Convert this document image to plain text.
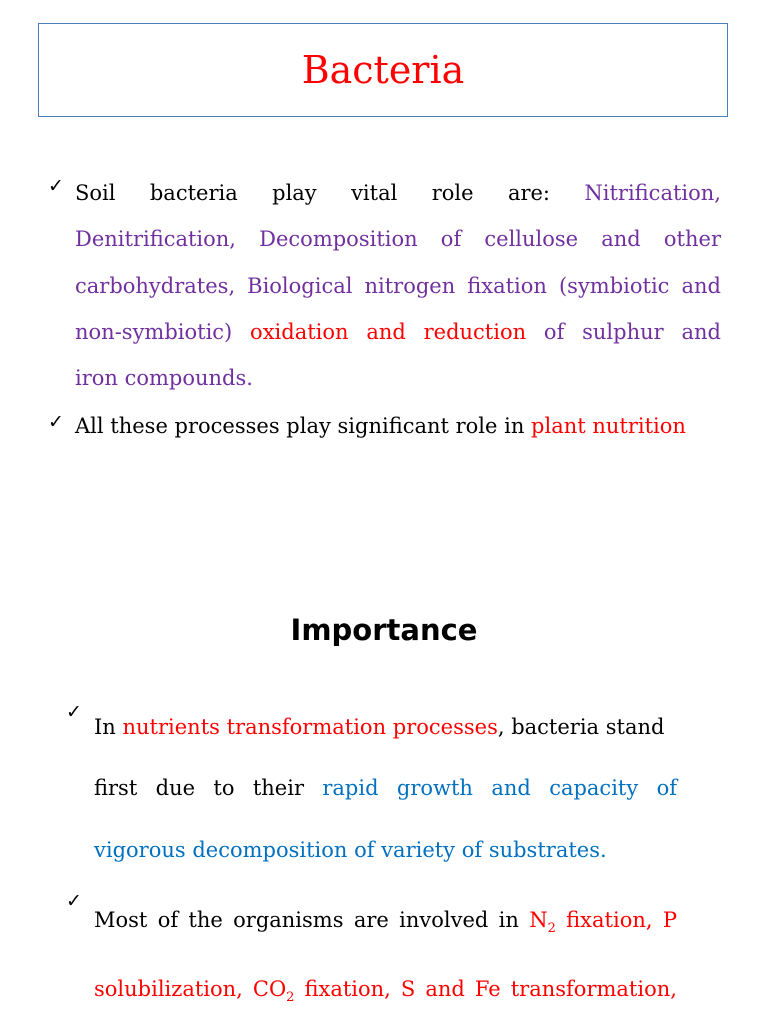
Bacteria
✓ Soil bacteria play vital role are: Nitrification,
Denitrification, Decomposition of cellulose and other
carbohydrates, Biological nitrogen fixation (symbiotic and
non-symbiotic) oxidation and reduction of sulphur and
iron compounds.
✓ All these processes play significant role in plant nutrition
Importance
✓
In nutrients transformation processes, bacteria stand
first due to their rapid growth and capacity of
vigorous decomposition of variety of substrates.
✓
Most of the organisms are involved in $N_2$ fixation, P
solubilization, $CO_2$ fixation, S and Fe transformation,
